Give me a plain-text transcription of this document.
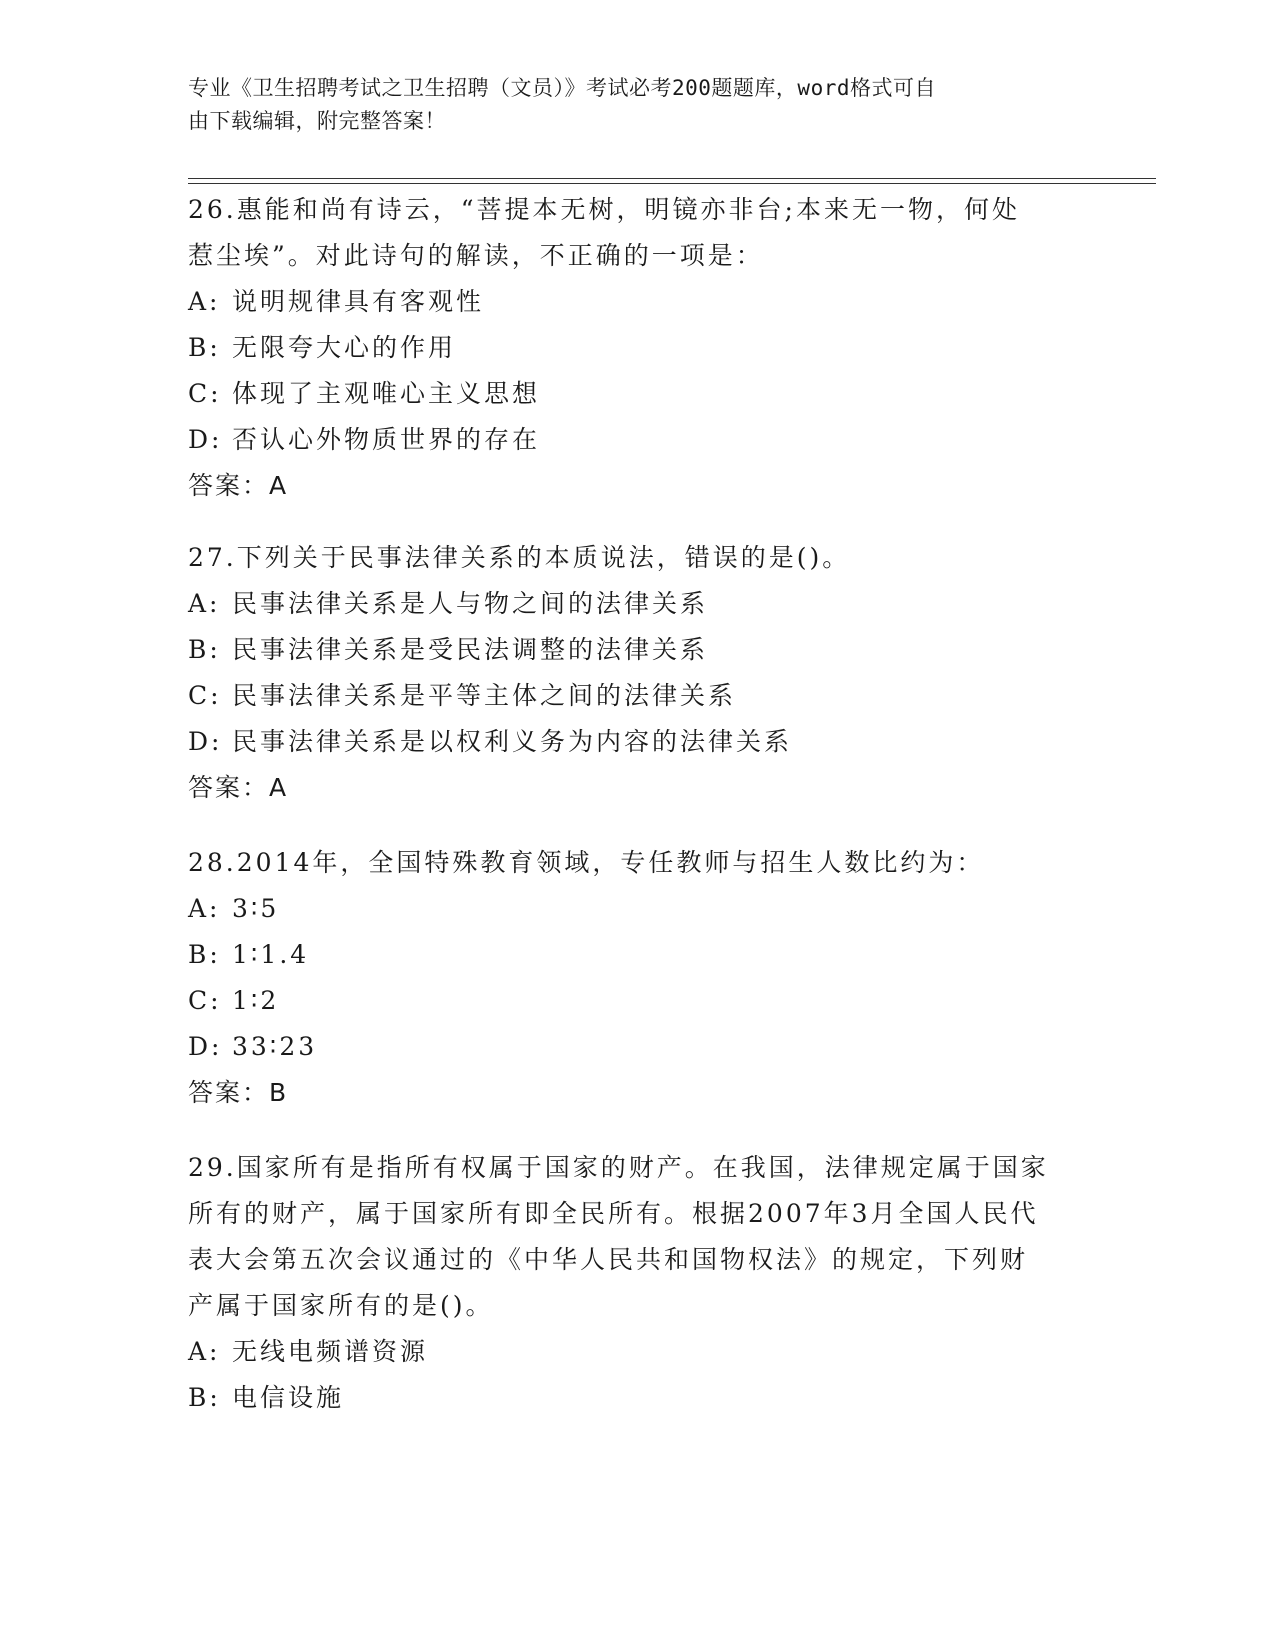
专业《卫生招聘考试之卫生招聘（文员）》考试必考200题题库，word格式可自
由下载编辑，附完整答案！
26.惠能和尚有诗云，“菩提本无树，明镜亦非台;本来无一物，何处
惹尘埃”。对此诗句的解读，不正确的一项是：
A: 说明规律具有客观性
B: 无限夸大心的作用
C: 体现了主观唯心主义思想
D: 否认心外物质世界的存在
答案：A
27.下列关于民事法律关系的本质说法，错误的是()。
A: 民事法律关系是人与物之间的法律关系
B: 民事法律关系是受民法调整的法律关系
C: 民事法律关系是平等主体之间的法律关系
D: 民事法律关系是以权利义务为内容的法律关系
答案：A
28.2014年，全国特殊教育领域，专任教师与招生人数比约为：
A: 3∶5
B: 1∶1.4
C: 1∶2
D: 33∶23
答案：B
29.国家所有是指所有权属于国家的财产。在我国，法律规定属于国家
所有的财产，属于国家所有即全民所有。根据2007年3月全国人民代
表大会第五次会议通过的《中华人民共和国物权法》的规定，下列财
产属于国家所有的是()。
A: 无线电频谱资源
B: 电信设施
